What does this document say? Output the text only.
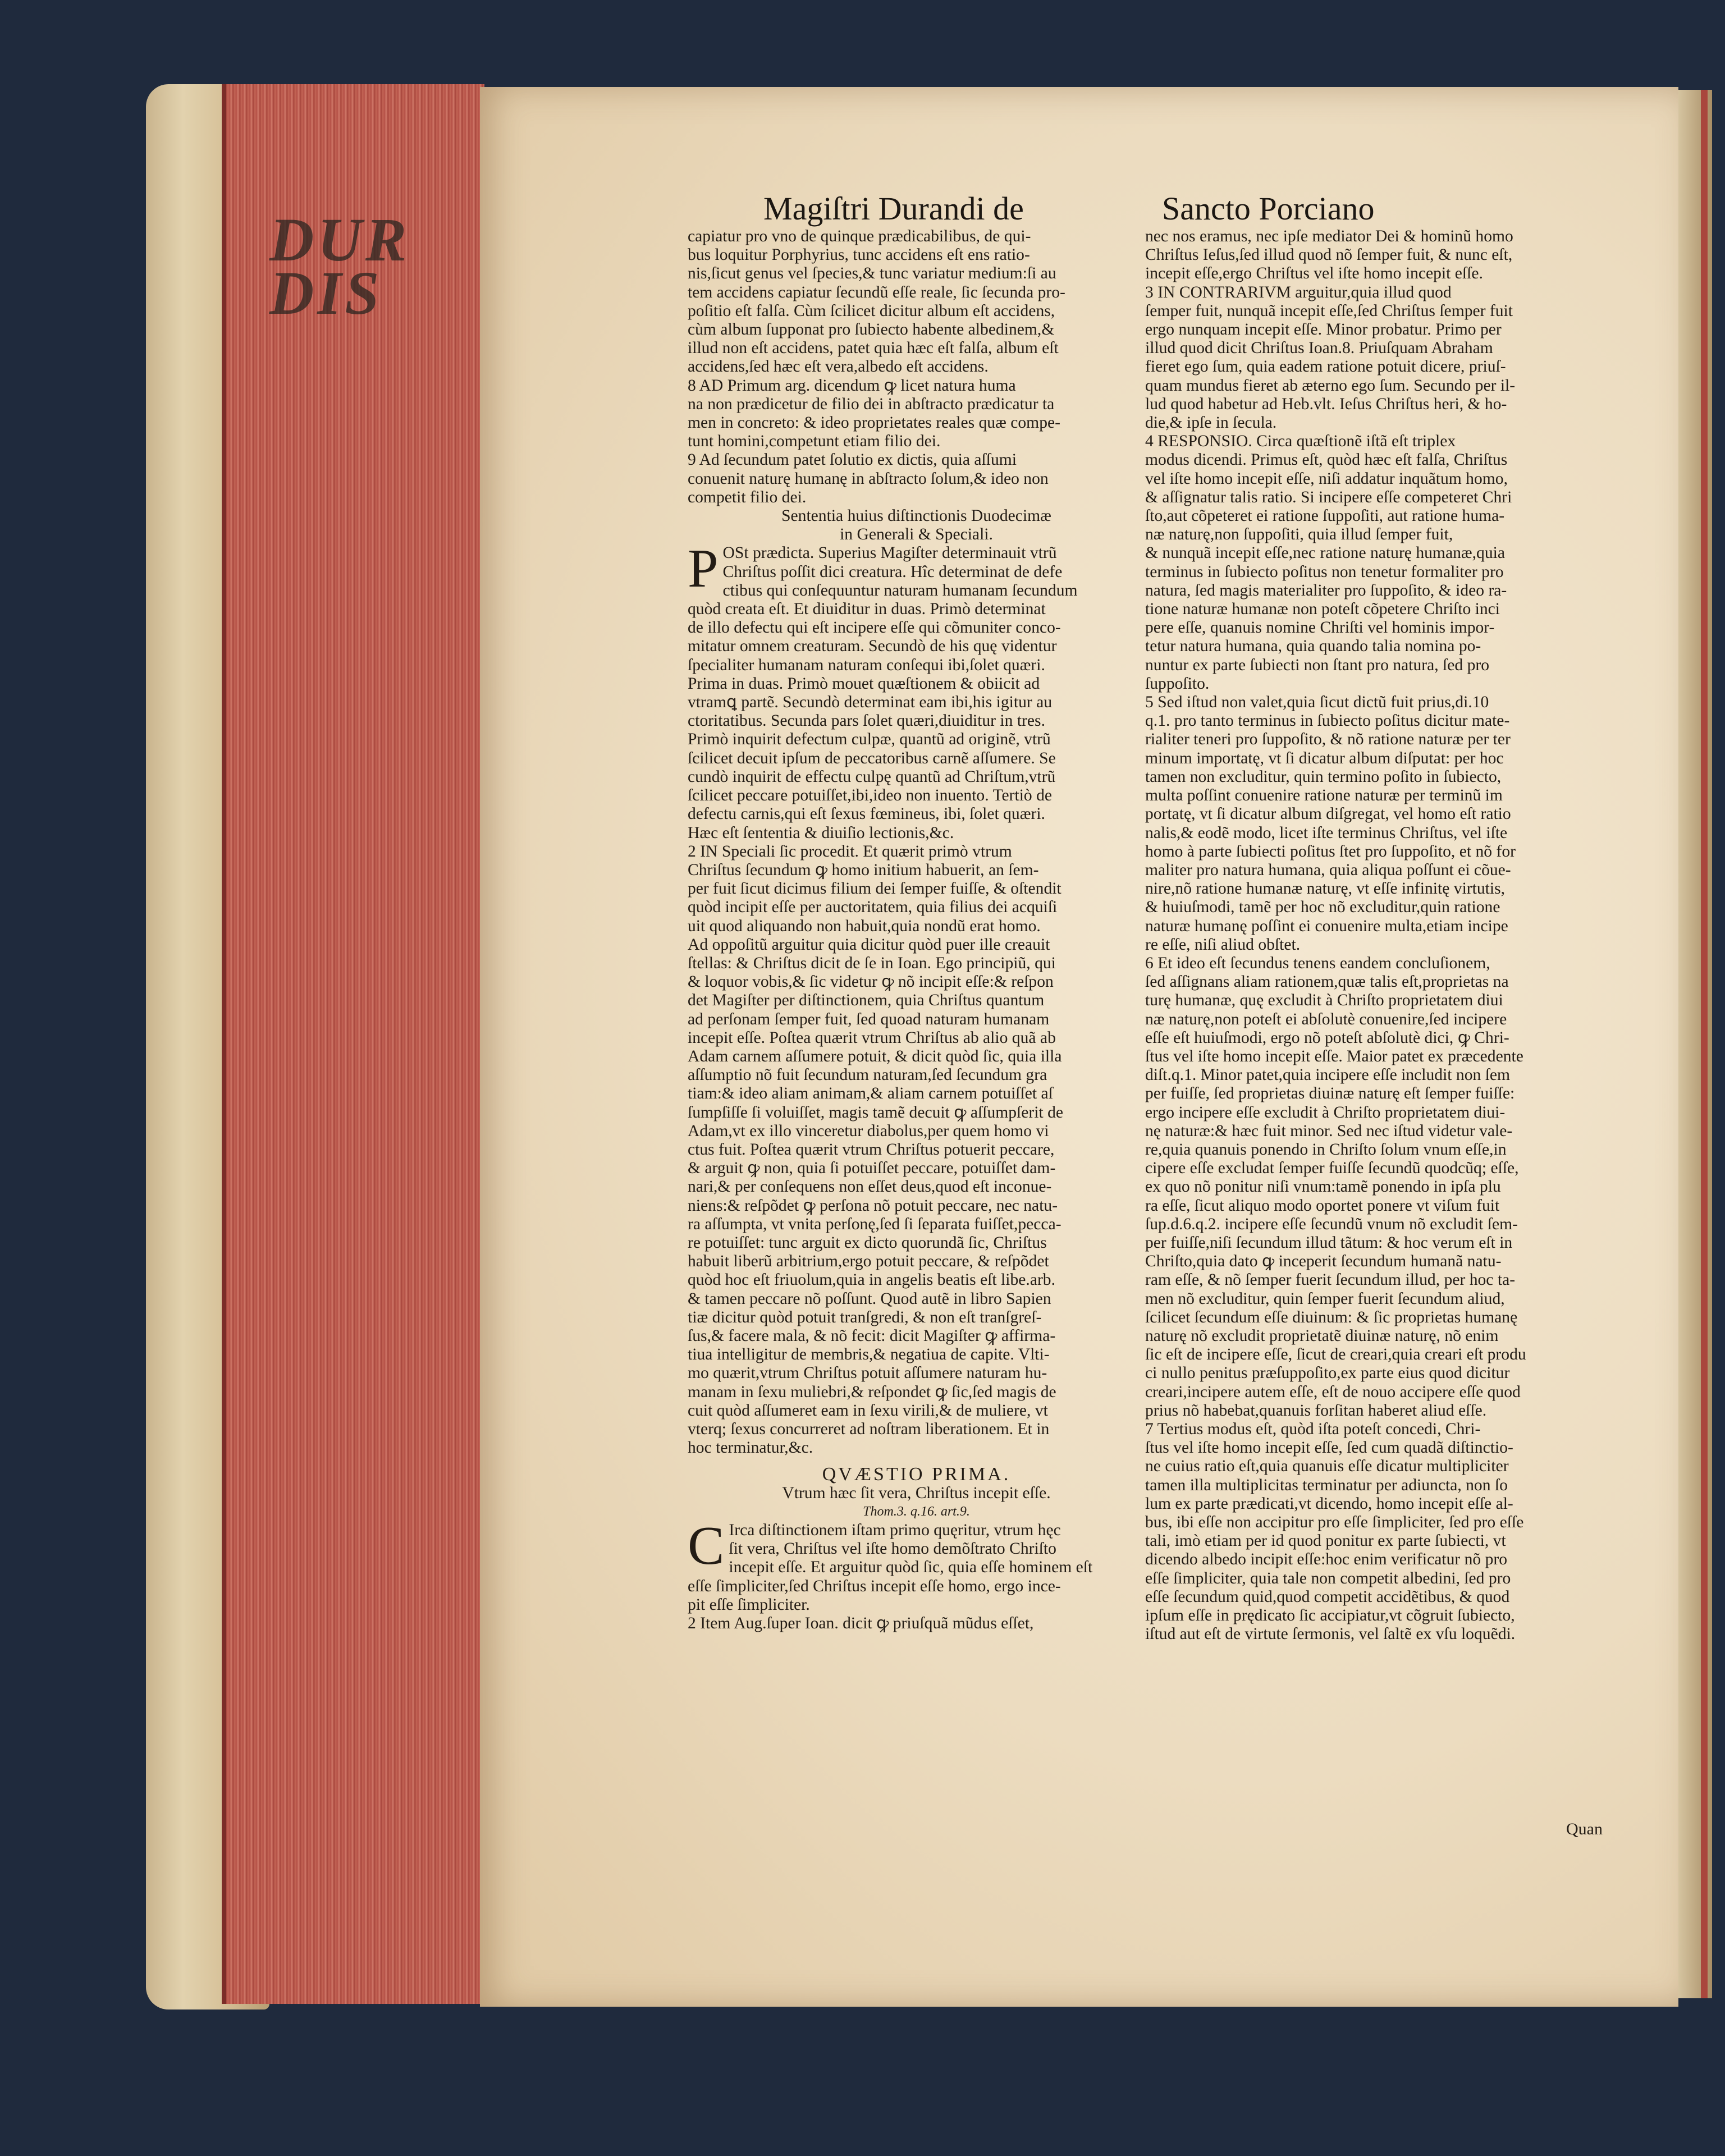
DUR
DIS
Magiſtri Durandi de	Sancto Porciano

capiatur pro vno de quinque prædicabilibus, de qui-

bus loquitur Porphyrius, tunc accidens eſt ens ratio-

nis,ſicut genus vel ſpecies,& tunc variatur medium:ſi au

tem accidens capiatur ſecundũ eſſe reale, ſic ſecunda pro-

poſitio eſt falſa. Cùm ſcilicet dicitur album eſt accidens,

cùm album ſupponat pro ſubiecto habente albedinem,&

illud non eſt accidens, patet quia hæc eſt falſa, album eſt

accidens,ſed hæc eſt vera,albedo eſt accidens.

8 AD Primum arg. dicendum ꝙ licet natura huma

na non prædicetur de filio dei in abſtracto prædicatur ta

men in concreto: & ideo proprietates reales quæ compe-

tunt homini,competunt etiam filio dei.

9 Ad ſecundum patet ſolutio ex dictis, quia aſſumi

conuenit naturę humanę in abſtracto ſolum,& ideo non

competit filio dei.

Sententia huius diſtinctionis Duodecimæ

in Generali & Speciali.

P OSt prædicta. Superius Magiſter determinauit vtrũ

Chriſtus poſſit dici creatura. Hîc determinat de defe

ctibus qui conſequuntur naturam humanam ſecundum

quòd creata eſt. Et diuiditur in duas. Primò determinat

de illo defectu qui eſt incipere eſſe qui cõmuniter conco-

mitatur omnem creaturam. Secundò de his quę videntur

ſpecialiter humanam naturam conſequi ibi,ſolet quæri.

Prima in duas. Primò mouet quæſtionem & obiicit ad

vtramꝗ partẽ. Secundò determinat eam ibi,his igitur au

ctoritatibus. Secunda pars ſolet quæri,diuiditur in tres.

Primò inquirit defectum culpæ, quantũ ad originẽ, vtrũ

ſcilicet decuit ipſum de peccatoribus carnẽ aſſumere. Se

cundò inquirit de effectu culpę quantũ ad Chriſtum,vtrũ

ſcilicet peccare potuiſſet,ibi,ideo non inuento. Tertiò de

defectu carnis,qui eſt ſexus fœmineus, ibi, ſolet quæri.

Hæc eſt ſententia & diuiſio lectionis,&c.

2 IN Speciali ſic procedit. Et quærit primò vtrum

Chriſtus ſecundum ꝙ homo initium habuerit, an ſem-

per fuit ſicut dicimus filium dei ſemper fuiſſe, & oſtendit

quòd incipit eſſe per auctoritatem, quia filius dei acquiſi

uit quod aliquando non habuit,quia nondũ erat homo.

Ad oppoſitũ arguitur quia dicitur quòd puer ille creauit

ſtellas: & Chriſtus dicit de ſe in Ioan. Ego principiũ, qui

& loquor vobis,& ſic videtur ꝙ nõ incipit eſſe:& reſpon

det Magiſter per diſtinctionem, quia Chriſtus quantum

ad perſonam ſemper fuit, ſed quoad naturam humanam

incepit eſſe. Poſtea quærit vtrum Chriſtus ab alio quã ab

Adam carnem aſſumere potuit, & dicit quòd ſic, quia illa

aſſumptio nõ fuit ſecundum naturam,ſed ſecundum gra

tiam:& ideo aliam animam,& aliam carnem potuiſſet aſ

ſumpſiſſe ſi voluiſſet, magis tamẽ decuit ꝙ aſſumpſerit de

Adam,vt ex illo vinceretur diabolus,per quem homo vi

ctus fuit. Poſtea quærit vtrum Chriſtus potuerit peccare,

& arguit ꝙ non, quia ſi potuiſſet peccare, potuiſſet dam-

nari,& per conſequens non eſſet deus,quod eſt inconue-

niens:& reſpõdet ꝙ perſona nõ potuit peccare, nec natu-

ra aſſumpta, vt vnita perſonę,ſed ſi ſeparata fuiſſet,pecca-

re potuiſſet: tunc arguit ex dicto quorundã ſic, Chriſtus

habuit liberũ arbitrium,ergo potuit peccare, & reſpõdet

quòd hoc eſt friuolum,quia in angelis beatis eſt libe.arb.

& tamen peccare nõ poſſunt. Quod autẽ in libro Sapien

tiæ dicitur quòd potuit tranſgredi, & non eſt tranſgreſ-

ſus,& facere mala, & nõ fecit: dicit Magiſter ꝙ affirma-

tiua intelligitur de membris,& negatiua de capite. Vlti-

mo quærit,vtrum Chriſtus potuit aſſumere naturam hu-

manam in ſexu muliebri,& reſpondet ꝙ ſic,ſed magis de

cuit quòd aſſumeret eam in ſexu virili,& de muliere, vt

vterq; ſexus concurreret ad noſtram liberationem. Et in

hoc terminatur,&c.

QVÆSTIO PRIMA.

Vtrum hæc ſit vera, Chriſtus incepit eſſe.

Thom.3. q.16. art.9.

C Irca diſtinctionem iſtam primo quęritur, vtrum hęc

ſit vera, Chriſtus vel iſte homo demõſtrato Chriſto

incepit eſſe. Et arguitur quòd ſic, quia eſſe hominem eſt

eſſe ſimpliciter,ſed Chriſtus incepit eſſe homo, ergo ince-

pit eſſe ſimpliciter.

2 Item Aug.ſuper Ioan. dicit ꝙ priuſquã mũdus eſſet,

nec nos eramus, nec ipſe mediator Dei & hominũ homo

Chriſtus Ieſus,ſed illud quod nõ ſemper fuit, & nunc eſt,

incepit eſſe,ergo Chriſtus vel iſte homo incepit eſſe.

3 IN CONTRARIVM arguitur,quia illud quod

ſemper fuit, nunquã incepit eſſe,ſed Chriſtus ſemper fuit

ergo nunquam incepit eſſe. Minor probatur. Primo per

illud quod dicit Chriſtus Ioan.8. Priuſquam Abraham

fieret ego ſum, quia eadem ratione potuit dicere, priuſ-

quam mundus fieret ab æterno ego ſum. Secundo per il-

lud quod habetur ad Heb.vlt. Ieſus Chriſtus heri, & ho-

die,& ipſe in ſecula.

4 RESPONSIO. Circa quæſtionẽ iſtã eſt triplex

modus dicendi. Primus eſt, quòd hæc eſt falſa, Chriſtus

vel iſte homo incepit eſſe, niſi addatur inquãtum homo,

& aſſignatur talis ratio. Si incipere eſſe competeret Chri

ſto,aut cõpeteret ei ratione ſuppoſiti, aut ratione huma-

næ naturę,non ſuppoſiti, quia illud ſemper fuit,

& nunquã incepit eſſe,nec ratione naturę humanæ,quia

terminus in ſubiecto poſitus non tenetur formaliter pro

natura, ſed magis materialiter pro ſuppoſito, & ideo ra-

tione naturæ humanæ non poteſt cõpetere Chriſto inci

pere eſſe, quanuis nomine Chriſti vel hominis impor-

tetur natura humana, quia quando talia nomina po-

nuntur ex parte ſubiecti non ſtant pro natura, ſed pro

ſuppoſito.

5 Sed iſtud non valet,quia ſicut dictũ fuit prius,di.10

q.1. pro tanto terminus in ſubiecto poſitus dicitur mate-

rialiter teneri pro ſuppoſito, & nõ ratione naturæ per ter

minum importatę, vt ſi dicatur album diſputat: per hoc

tamen non excluditur, quin termino poſito in ſubiecto,

multa poſſint conuenire ratione naturæ per terminũ im

portatę, vt ſi dicatur album diſgregat, vel homo eſt ratio

nalis,& eodẽ modo, licet iſte terminus Chriſtus, vel iſte

homo à parte ſubiecti poſitus ſtet pro ſuppoſito, et nõ for

maliter pro natura humana, quia aliqua poſſunt ei cõue-

nire,nõ ratione humanæ naturę, vt eſſe infinitę virtutis,

& huiuſmodi, tamẽ per hoc nõ excluditur,quin ratione

naturæ humanę poſſint ei conuenire multa,etiam incipe

re eſſe, niſi aliud obſtet.

6 Et ideo eſt ſecundus tenens eandem concluſionem,

ſed aſſignans aliam rationem,quæ talis eſt,proprietas na

turę humanæ, quę excludit à Chriſto proprietatem diui

næ naturę,non poteſt ei abſolutè conuenire,ſed incipere

eſſe eſt huiuſmodi, ergo nõ poteſt abſolutè dici, ꝙ Chri-

ſtus vel iſte homo incepit eſſe. Maior patet ex præcedente

diſt.q.1. Minor patet,quia incipere eſſe includit non ſem

per fuiſſe, ſed proprietas diuinæ naturę eſt ſemper fuiſſe:

ergo incipere eſſe excludit à Chriſto proprietatem diui-

nę naturæ:& hæc fuit minor. Sed nec iſtud videtur vale-

re,quia quanuis ponendo in Chriſto ſolum vnum eſſe,in

cipere eſſe excludat ſemper fuiſſe ſecundũ quodcũq; eſſe,

ex quo nõ ponitur niſi vnum:tamẽ ponendo in ipſa plu

ra eſſe, ſicut aliquo modo oportet ponere vt viſum fuit

ſup.d.6.q.2. incipere eſſe ſecundũ vnum nõ excludit ſem-

per fuiſſe,niſi ſecundum illud tãtum: & hoc verum eſt in

Chriſto,quia dato ꝙ inceperit ſecundum humanã natu-

ram eſſe, & nõ ſemper fuerit ſecundum illud, per hoc ta-

men nõ excluditur, quin ſemper fuerit ſecundum aliud,

ſcilicet ſecundum eſſe diuinum: & ſic proprietas humanę

naturę nõ excludit proprietatẽ diuinæ naturę, nõ enim

ſic eſt de incipere eſſe, ſicut de creari,quia creari eſt produ

ci nullo penitus præſuppoſito,ex parte eius quod dicitur

creari,incipere autem eſſe, eſt de nouo accipere eſſe quod

prius nõ habebat,quanuis forſitan haberet aliud eſſe.

7 Tertius modus eſt, quòd iſta poteſt concedi, Chri-

ſtus vel iſte homo incepit eſſe, ſed cum quadã diſtinctio-

ne cuius ratio eſt,quia quanuis eſſe dicatur multipliciter

tamen illa multiplicitas terminatur per adiuncta, non ſo

lum ex parte prædicati,vt dicendo, homo incepit eſſe al-

bus, ibi eſſe non accipitur pro eſſe ſimpliciter, ſed pro eſſe

tali, imò etiam per id quod ponitur ex parte ſubiecti, vt

dicendo albedo incipit eſſe:hoc enim verificatur nõ pro

eſſe ſimpliciter, quia tale non competit albedini, ſed pro

eſſe ſecundum quid,quod competit accidẽtibus, & quod

ipſum eſſe in prędicato ſic accipiatur,vt cõgruit ſubiecto,

iſtud aut eſt de virtute ſermonis, vel ſaltẽ ex vſu loquẽdi.

Quan
